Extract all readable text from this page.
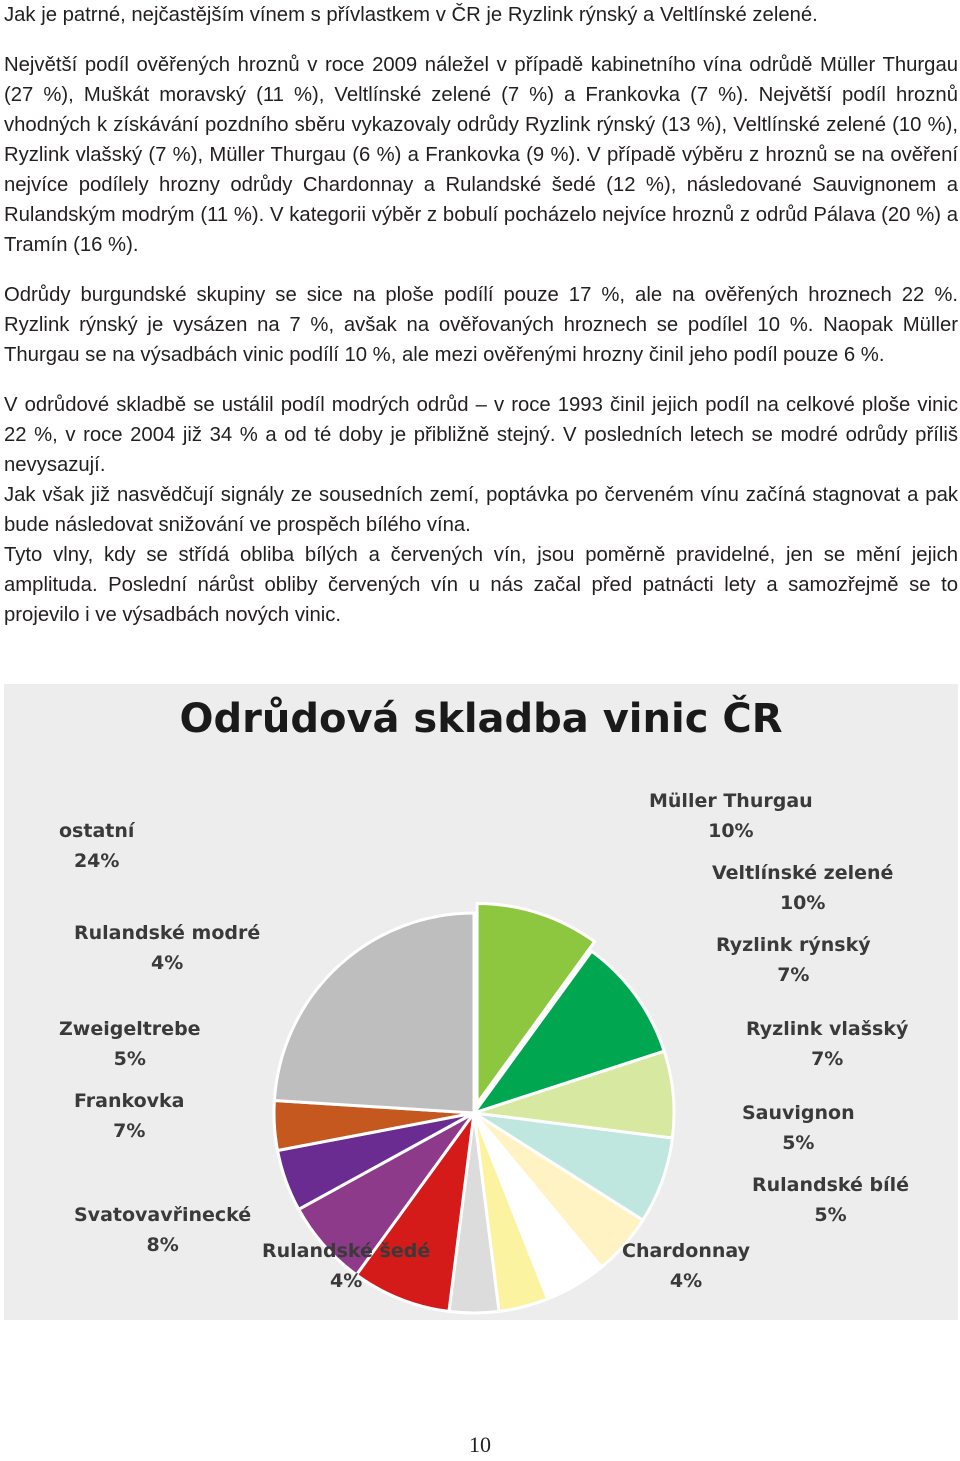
Jak je patrné, nejčastějším vínem s přívlastkem v ČR je Ryzlink rýnský a Veltlínské zelené.

Největší podíl ověřených hroznů v roce 2009 náležel v případě kabinetního vína odrůdě Müller Thurgau (27 %), Muškát moravský (11 %), Veltlínské zelené (7 %) a Frankovka (7 %). Největší podíl hroznů vhodných k získávání pozdního sběru vykazovaly odrůdy Ryzlink rýnský (13 %), Veltlínské zelené (10 %), Ryzlink vlašský (7 %), Müller Thurgau (6 %) a Frankovka (9 %). V případě výběru z hroznů se na ověření nejvíce podílely hrozny odrůdy Chardonnay a Rulandské šedé (12 %), následované Sauvignonem a Rulandským modrým (11 %). V kategorii výběr z bobulí pocházelo nejvíce hroznů z odrůd Pálava (20 %) a Tramín (16 %).

Odrůdy burgundské skupiny se sice na ploše podílí pouze 17 %, ale na ověřených hroznech 22 %. Ryzlink rýnský je vysázen na 7 %, avšak na ověřovaných hroznech se podílel 10 %. Naopak Müller Thurgau se na výsadbách vinic podílí 10 %, ale mezi ověřenými hrozny činil jeho podíl pouze 6 %.

V odrůdové skladbě se ustálil podíl modrých odrůd – v roce 1993 činil jejich podíl na celkové ploše vinic 22 %, v roce 2004 již 34 % a od té doby je přibližně stejný. V posledních letech se modré odrůdy příliš nevysazují.

Jak však již nasvědčují signály ze sousedních zemí, poptávka po červeném vínu začíná stagnovat a pak bude následovat snižování ve prospěch bílého vína.

Tyto vlny, kdy se střídá obliba bílých a červených vín, jsou poměrně pravidelné, jen se mění jejich amplituda. Poslední nárůst obliby červených vín u nás začal před patnácti lety a samozřejmě se to projevilo i ve výsadbách nových vinic.

Odrůdová skladba vinic ČR
Müller Thurgau
10%
Veltlínské zelené
10%
Ryzlink rýnský
7%
Ryzlink vlašský
7%
Sauvignon
5%
Rulandské bílé
5%
Chardonnay
4%
Rulandské šedé
4%
Svatovavřinecké
8%
Frankovka
7%
Zweigeltrebe
5%
Rulandské modré
4%
ostatní
24%
10
